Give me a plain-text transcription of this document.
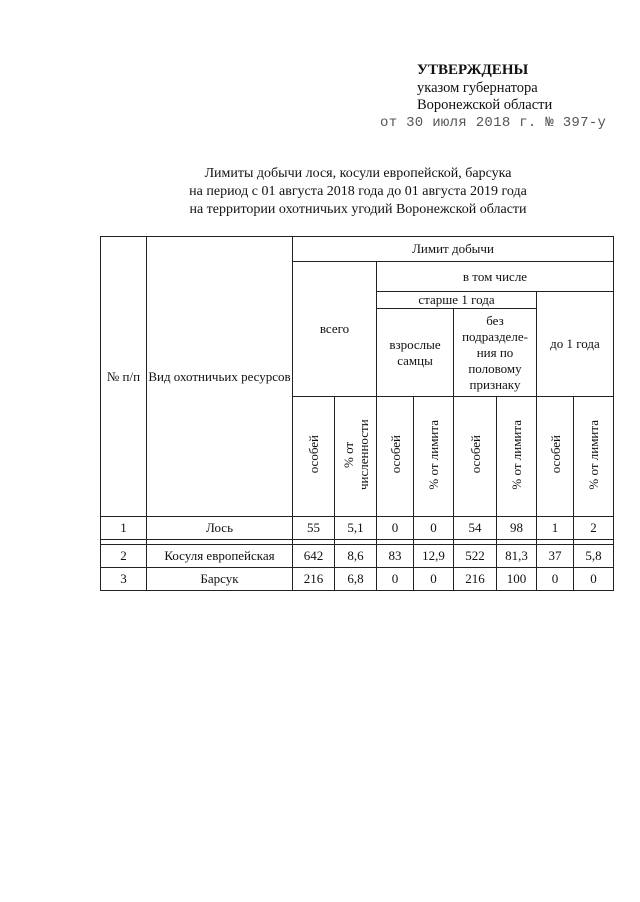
УТВЕРЖДЕНЫ
указом губернатора
Воронежской области
от 30 июля 2018 г. № 397-у
Лимиты добычи лося, косули европейской, барсука
на период с 01 августа 2018 года до 01 августа 2019 года
на территории охотничьих угодий Воронежской области
№ п/п	Вид охотничьих ресурсов	Лимит добычи							
		всего		в том числе					
				старше 1 года				до 1 года	
				взрослые самцы		без подразделе-ния по половому признаку			
		особей	% от численности	особей	% от лимита	особей	% от лимита	особей	% от лимита
1	Лось	55	5,1	0	0	54	98	1	2

2	Косуля европейская	642	8,6	83	12,9	522	81,3	37	5,8
3	Барсук	216	6,8	0	0	216	100	0	0
